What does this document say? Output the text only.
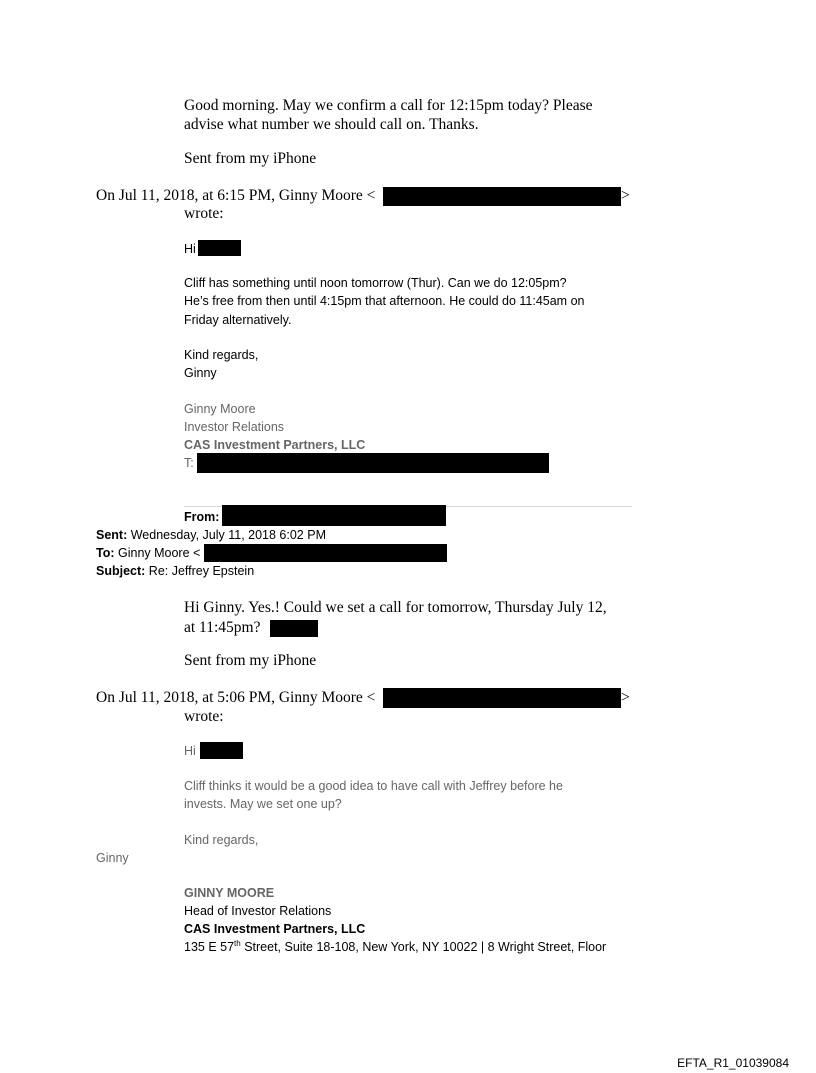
Good morning. May we confirm a call for 12:15pm today? Please
advise what number we should call on. Thanks.
Sent from my iPhone
On Jul 11, 2018, at 6:15 PM, Ginny Moore <	>
wrote:
Hi
Cliff has something until noon tomorrow (Thur). Can we do 12:05pm?
He’s free from then until 4:15pm that afternoon. He could do 11:45am on
Friday alternatively.
Kind regards,
Ginny
Ginny Moore
Investor Relations
CAS Investment Partners, LLC
T:
From:
Sent: Wednesday, July 11, 2018 6:02 PM
To: Ginny Moore <
Subject: Re: Jeffrey Epstein
Hi Ginny. Yes.! Could we set a call for tomorrow, Thursday July 12,
at 11:45pm?
Sent from my iPhone
On Jul 11, 2018, at 5:06 PM, Ginny Moore <	>
wrote:
Hi
Cliff thinks it would be a good idea to have call with Jeffrey before he
invests. May we set one up?
Kind regards,
Ginny
GINNY MOORE
Head of Investor Relations
CAS Investment Partners, LLC
135 E 57th Street, Suite 18-108, New York, NY 10022 | 8 Wright Street, Floor
EFTA_R1_01039084
